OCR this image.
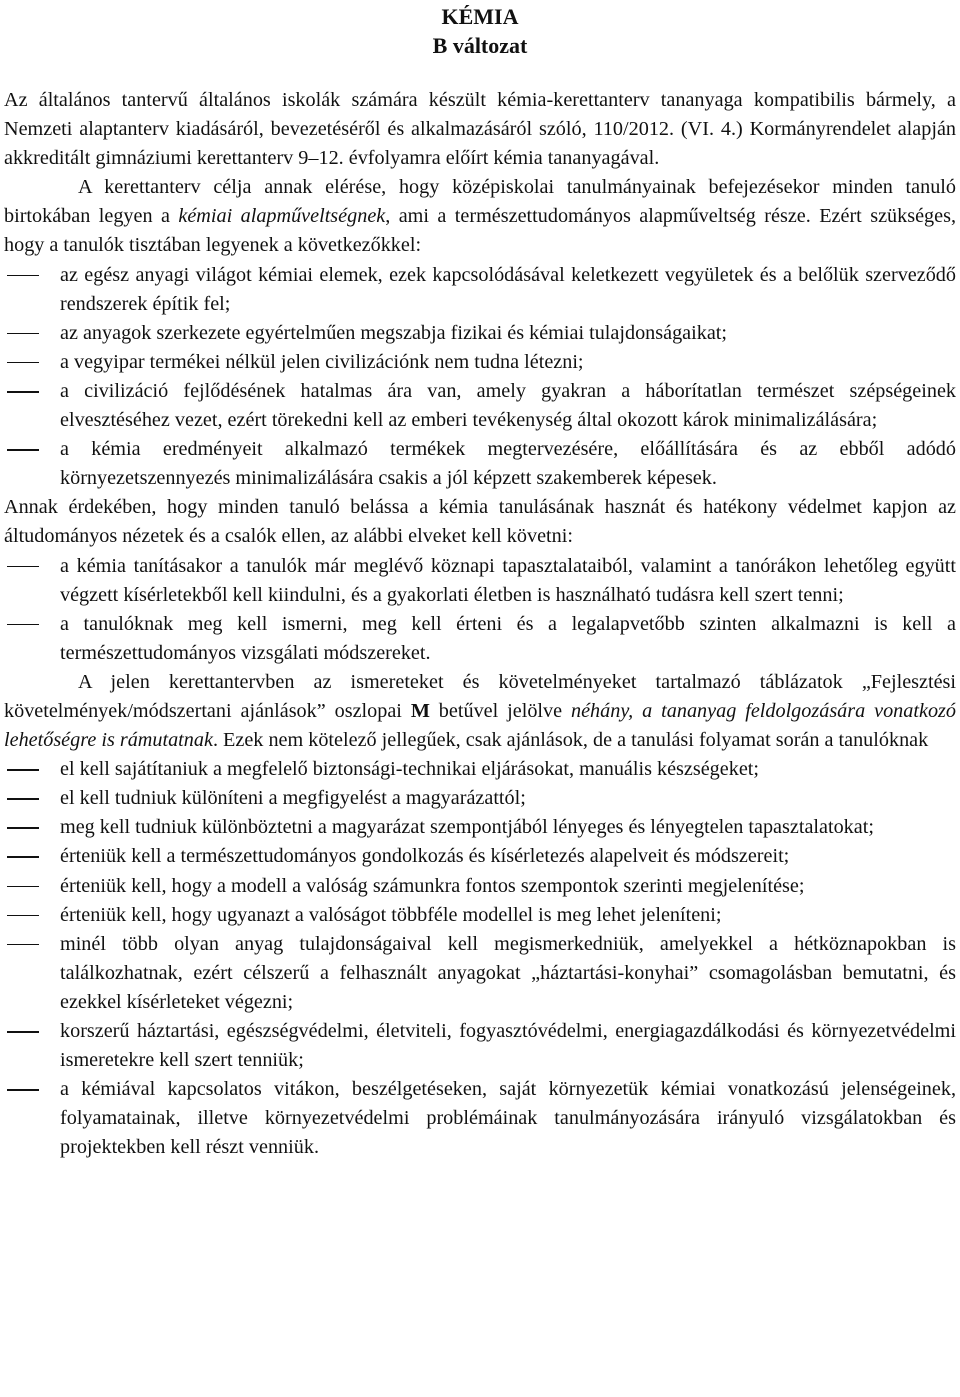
KÉMIA
B változat

Az általános tantervű általános iskolák számára készült kémia-kerettanterv tananyaga kompatibilis bármely, a Nemzeti alaptanterv kiadásáról, bevezetéséről és alkalmazásáról szóló, 110/2012. (VI. 4.) Kormányrendelet alapján akkreditált gimnáziumi kerettanterv 9–12. évfolyamra előírt kémia tananyagával.

A kerettanterv célja annak elérése, hogy középiskolai tanulmányainak befejezésekor minden tanuló birtokában legyen a kémiai alapműveltségnek, ami a természettudományos alapműveltség része. Ezért szükséges, hogy a tanulók tisztában legyenek a következőkkel:

az egész anyagi világot kémiai elemek, ezek kapcsolódásával keletkezett vegyületek és a belőlük szerveződő rendszerek építik fel;
az anyagok szerkezete egyértelműen megszabja fizikai és kémiai tulajdonságaikat;
a vegyipar termékei nélkül jelen civilizációnk nem tudna létezni;
a civilizáció fejlődésének hatalmas ára van, amely gyakran a háborítatlan természet szépségeinek elvesztéséhez vezet, ezért törekedni kell az emberi tevékenység által okozott károk minimalizálására;
a kémia eredményeit alkalmazó termékek megtervezésére, előállítására és az ebből adódó környezetszennyezés minimalizálására csakis a jól képzett szakemberek képesek.

Annak érdekében, hogy minden tanuló belássa a kémia tanulásának hasznát és hatékony védelmet kapjon az áltudományos nézetek és a csalók ellen, az alábbi elveket kell követni:

a kémia tanításakor a tanulók már meglévő köznapi tapasztalataiból, valamint a tanórákon lehetőleg együtt végzett kísérletekből kell kiindulni, és a gyakorlati életben is használható tudásra kell szert tenni;
a tanulóknak meg kell ismerni, meg kell érteni és a legalapvetőbb szinten alkalmazni is kell a természettudományos vizsgálati módszereket.

A jelen kerettantervben az ismereteket és követelményeket tartalmazó táblázatok „Fejlesztési követelmények/módszertani ajánlások” oszlopai M betűvel jelölve néhány, a tananyag feldolgozására vonatkozó lehetőségre is rámutatnak. Ezek nem kötelező jellegűek, csak ajánlások, de a tanulási folyamat során a tanulóknak

el kell sajátítaniuk a megfelelő biztonsági-technikai eljárásokat, manuális készségeket;
el kell tudniuk különíteni a megfigyelést a magyarázattól;
meg kell tudniuk különböztetni a magyarázat szempontjából lényeges és lényegtelen tapasztalatokat;
érteniük kell a természettudományos gondolkozás és kísérletezés alapelveit és módszereit;
érteniük kell, hogy a modell a valóság számunkra fontos szempontok szerinti megjelenítése;
érteniük kell, hogy ugyanazt a valóságot többféle modellel is meg lehet jeleníteni;
minél több olyan anyag tulajdonságaival kell megismerkedniük, amelyekkel a hétköznapokban is találkozhatnak, ezért célszerű a felhasznált anyagokat „háztartási-konyhai” csomagolásban bemutatni, és ezekkel kísérleteket végezni;
korszerű háztartási, egészségvédelmi, életviteli, fogyasztóvédelmi, energiagazdálkodási és környezetvédelmi ismeretekre kell szert tenniük;
a kémiával kapcsolatos vitákon, beszélgetéseken, saját környezetük kémiai vonatkozású jelenségeinek, folyamatainak, illetve környezetvédelmi problémáinak tanulmányozására irányuló vizsgálatokban és projektekben kell részt venniük.
